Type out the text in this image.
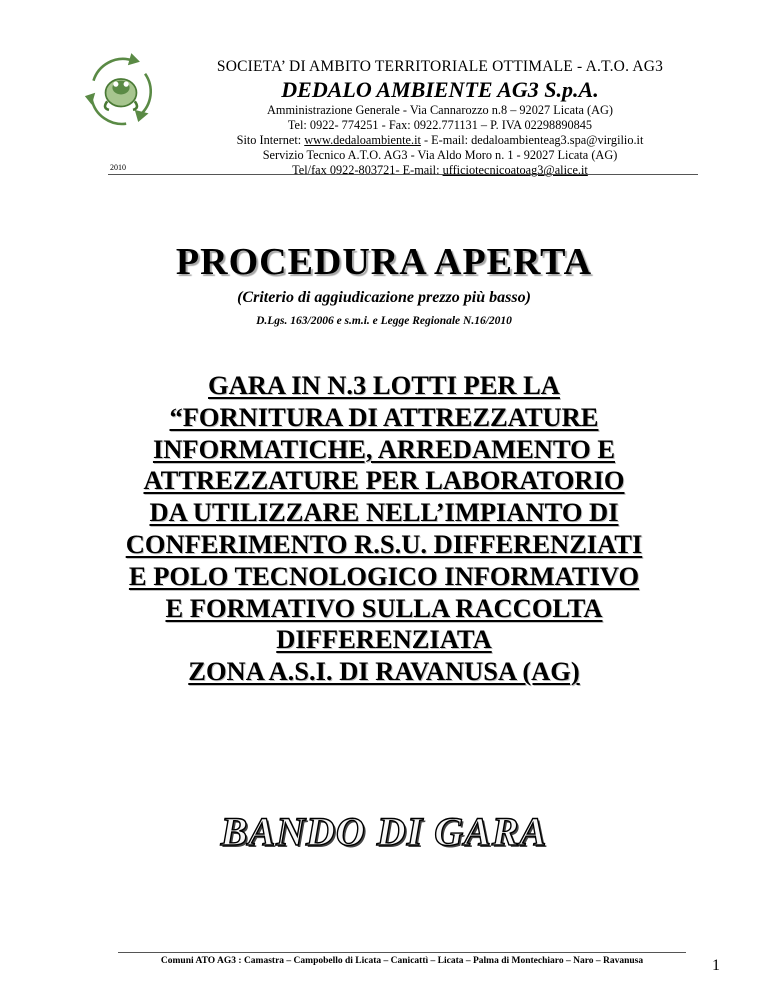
SOCIETA’ DI AMBITO TERRITORIALE OTTIMALE - A.T.O. AG3
DEDALO AMBIENTE AG3 S.p.A.
Amministrazione Generale - Via Cannarozzo n.8 – 92027 Licata (AG)
Tel: 0922- 774251 - Fax: 0922.771131 – P. IVA 02298890845
Sito Internet: www.dedaloambiente.it - E-mail: dedaloambienteag3.spa@virgilio.it
Servizio Tecnico A.T.O. AG3 - Via Aldo Moro n. 1 - 92027 Licata (AG)
Tel/fax 0922-803721- E-mail: ufficiotecnicoatoag3@alice.it
2010
PROCEDURA APERTA
(Criterio di aggiudicazione prezzo più basso)
D.Lgs. 163/2006 e s.m.i. e Legge Regionale N.16/2010
GARA IN N.3 LOTTI PER LA
“FORNITURA DI ATTREZZATURE
INFORMATICHE, ARREDAMENTO E
ATTREZZATURE PER LABORATORIO
DA UTILIZZARE NELL’IMPIANTO DI
CONFERIMENTO R.S.U. DIFFERENZIATI
E POLO TECNOLOGICO INFORMATIVO
E FORMATIVO SULLA RACCOLTA
DIFFERENZIATA
ZONA A.S.I. DI RAVANUSA (AG)
BANDO DI GARA
Comuni ATO AG3 : Camastra – Campobello di Licata – Canicattì – Licata – Palma di Montechiaro – Naro – Ravanusa	1
